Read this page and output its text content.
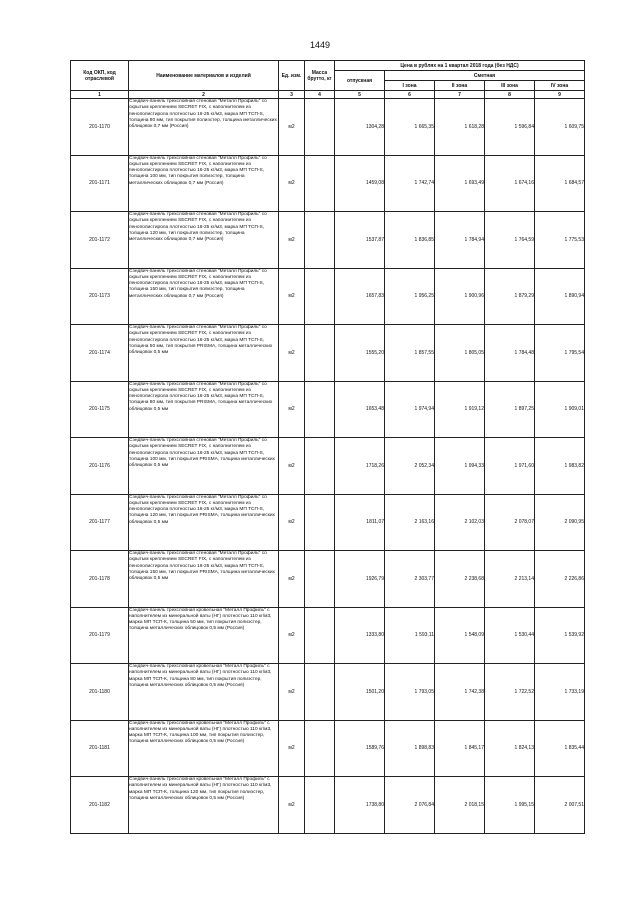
1449
Код ОКП, код отраслевой	Наименование материалов и изделий	Ед. изм.	Масса брутто, кг	Цена в рублях на 1 квартал 2018 года (без НДС)				
				отпускная	Сметная			
					I зона	II зона	III зона	IV зона
1	2	3	4	5	6	7	8	9
201-1170	Сэндвич-панель трехслойная стеновая "Металл Профиль" со скрытым креплением SECRET FIX, с наполнителем из пенополистирола плотностью 16-25 кг/м3, марка МП ТСП-S, толщина 80 мм, тип покрытия полиэстер, толщина металлических облицовок 0,7 мм (Россия)	м2		1304,28	1 665,35	1 618,28	1 596,84	1 609,75
201-1171	Сэндвич-панель трехслойная стеновая "Металл Профиль" со скрытым креплением SECRET FIX, с наполнителем из пенополистирола плотностью 16-25 кг/м3, марка МП ТСП-S, толщина 100 мм, тип покрытия полиэстер, толщина металлических облицовок 0,7 мм (Россия)	м2		1459,08	1 742,74	1 693,49	1 674,16	1 684,57
201-1172	Сэндвич-панель трехслойная стеновая "Металл Профиль" со скрытым креплением SECRET FIX, с наполнителем из пенополистирола плотностью 16-25 кг/м3, марка МП ТСП-S, толщина 120 мм, тип покрытия полиэстер, толщина металлических облицовок 0,7 мм (Россия)	м2		1537,87	1 836,85	1 784,94	1 764,59	1 775,53
201-1173	Сэндвич-панель трехслойная стеновая "Металл Профиль" со скрытым креплением SECRET FIX, с наполнителем из пенополистирола плотностью 16-25 кг/м3, марка МП ТСП-S, толщина 150 мм, тип покрытия полиэстер, толщина металлических облицовок 0,7 мм (Россия)	м2		1657,83	1 956,25	1 900,96	1 879,29	1 890,94
201-1174	Сэндвич-панель трехслойная стеновая "Металл Профиль" со скрытым креплением SECRET FIX, с наполнителем из пенополистирола плотностью 16-25 кг/м3, марка МП ТСП-S, толщина 50 мм, тип покрытия PRISMA, толщина металлических облицовок 0,5 мм	м2		1555,20	1 857,55	1 805,05	1 784,48	1 795,54
201-1175	Сэндвич-панель трехслойная стеновая "Металл Профиль" со скрытым креплением SECRET FIX, с наполнителем из пенополистирола плотностью 16-25 кг/м3, марка МП ТСП-S, толщина 80 мм, тип покрытия PRISMA, толщина металлических облицовок 0,5 мм	м2		1653,48	1 974,94	1 919,12	1 897,25	1 909,01
201-1176	Сэндвич-панель трехслойная стеновая "Металл Профиль" со скрытым креплением SECRET FIX, с наполнителем из пенополистирола плотностью 16-25 кг/м3, марка МП ТСП-S, толщина 100 мм, тип покрытия PRISMA, толщина металлических облицовок 0,5 мм	м2		1718,26	2 052,34	1 994,33	1 971,60	1 983,82
201-1177	Сэндвич-панель трехслойная стеновая "Металл Профиль" со скрытым креплением SECRET FIX, с наполнителем из пенополистирола плотностью 16-25 кг/м3, марка МП ТСП-S, толщина 120 мм, тип покрытия PRISMA, толщина металлических облицовок 0,5 мм	м2		1811,07	2 163,16	2 102,03	2 078,07	2 090,95
201-1178	Сэндвич-панель трехслойная стеновая "Металл Профиль" со скрытым креплением SECRET FIX, с наполнителем из пенополистирола плотностью 16-25 кг/м3, марка МП ТСП-S, толщина 150 мм, тип покрытия PRISMA, толщина металлических облицовок 0,5 мм	м2		1926,79	2 303,77	2 238,68	2 213,14	2 226,86
201-1179	Сэндвич-панель трехслойная кровельная "Металл Профиль" с наполнителем из минеральной ваты (НГ) плотностью 110 кг/м3, марка МП ТСП-К, толщина 50 мм, тип покрытия полиэстер, толщина металлических облицовок 0,5 мм (Россия)	м2		1333,80	1 593,11	1 548,09	1 530,44	1 539,92
201-1180	Сэндвич-панель трехслойная кровельная "Металл Профиль" с наполнителем из минеральной ваты (НГ) плотностью 110 кг/м3, марка МП ТСП-К, толщина 80 мм, тип покрытия полиэстер, толщина металлических облицовок 0,5 мм (Россия)	м2		1501,20	1 793,05	1 742,38	1 722,52	1 733,19
201-1181	Сэндвич-панель трехслойная кровельная "Металл Профиль" с наполнителем из минеральной ваты (НГ) плотностью 110 кг/м3, марка МП ТСП-К, толщина 100 мм, тип покрытия полиэстер, толщина металлических облицовок 0,5 мм (Россия)	м2		1589,76	1 898,83	1 845,17	1 824,13	1 835,44
201-1182	Сэндвич-панель трехслойная кровельная "Металл Профиль" с наполнителем из минеральной ваты (НГ) плотностью 110 кг/м3, марка МП ТСП-К, толщина 120 мм, тип покрытия полиэстер, толщина металлических облицовок 0,5 мм (Россия)	м2		1738,80	2 076,84	2 018,15	1 995,15	2 007,51
